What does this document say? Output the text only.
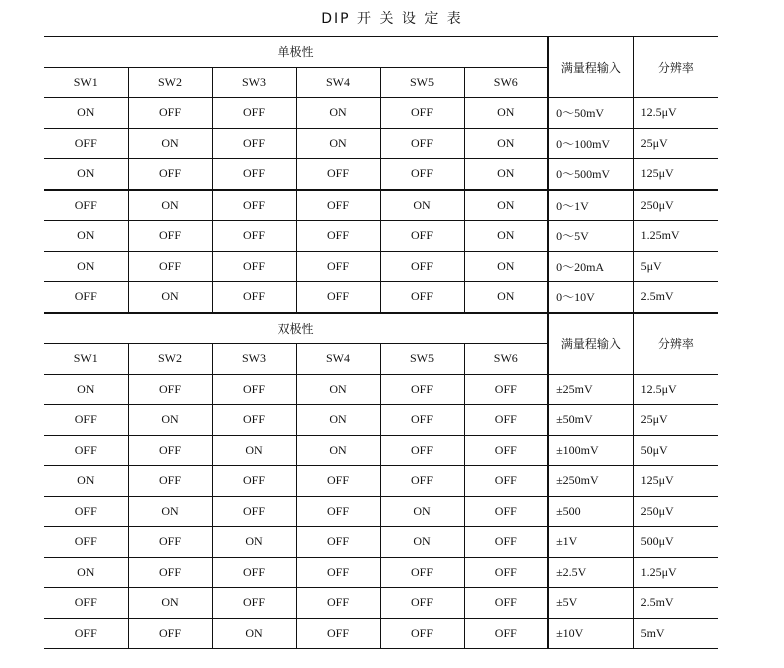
DIP 开 关 设 定 表
单极性						满量程输入	分辨率
SW1	SW2	SW3	SW4	SW5	SW6		
ON	OFF	OFF	ON	OFF	ON	0～50mV	12.5μV
OFF	ON	OFF	ON	OFF	ON	0～100mV	25μV
ON	OFF	OFF	OFF	OFF	ON	0～500mV	125μV
OFF	ON	OFF	OFF	ON	ON	0～1V	250μV
ON	OFF	OFF	OFF	OFF	ON	0～5V	1.25mV
ON	OFF	OFF	OFF	OFF	ON	0～20mA	5μV
OFF	ON	OFF	OFF	OFF	ON	0～10V	2.5mV
双极性						满量程输入	分辨率
SW1	SW2	SW3	SW4	SW5	SW6		
ON	OFF	OFF	ON	OFF	OFF	±25mV	12.5μV
OFF	ON	OFF	ON	OFF	OFF	±50mV	25μV
OFF	OFF	ON	ON	OFF	OFF	±100mV	50μV
ON	OFF	OFF	OFF	OFF	OFF	±250mV	125μV
OFF	ON	OFF	OFF	ON	OFF	±500	250μV
OFF	OFF	ON	OFF	ON	OFF	±1V	500μV
ON	OFF	OFF	OFF	OFF	OFF	±2.5V	1.25μV
OFF	ON	OFF	OFF	OFF	OFF	±5V	2.5mV
OFF	OFF	ON	OFF	OFF	OFF	±10V	5mV
